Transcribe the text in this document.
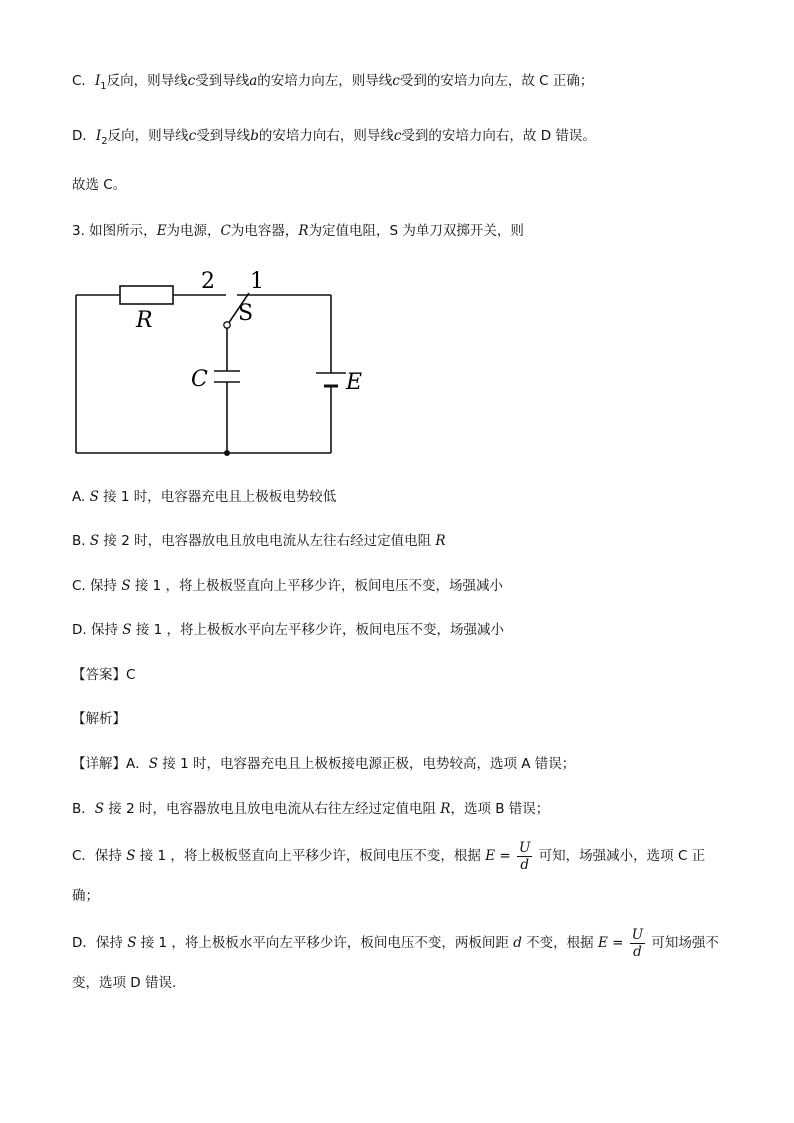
C．$I_1$反向，则导线c受到导线a的安培力向左，则导线c受到的安培力向左，故 C 正确；
D．$I_2$反向，则导线c受到导线b的安培力向右，则导线c受到的安培力向右，故 D 错误。
故选 C。
3. 如图所示，E为电源，C为电容器，R为定值电阻，S 为单刀双掷开关，则
R
2 1
S
C	E
A. S 接 1 时，电容器充电且上极板电势较低
B. S 接 2 时，电容器放电且放电电流从左往右经过定值电阻 R
C. 保持 S 接 1 ，将上极板竖直向上平移少许，板间电压不变，场强减小
D. 保持 S 接 1 ，将上极板水平向左平移少许，板间电压不变，场强减小
【答案】C
【解析】
【详解】A．S 接 1 时，电容器充电且上极板接电源正极，电势较高，选项 A 错误；
B．S 接 2 时，电容器放电且放电电流从右往左经过定值电阻 R，选项 B 错误；
C．保持 S 接 1 ，将上极板竖直向上平移少许，板间电压不变，根据 $E = \frac{U}{d}$ 可知，场强减小，选项 C 正
确；
D．保持 S 接 1 ，将上极板水平向左平移少许，板间电压不变，两板间距 d 不变，根据 $E = \frac{U}{d}$ 可知场强不
变，选项 D 错误.
